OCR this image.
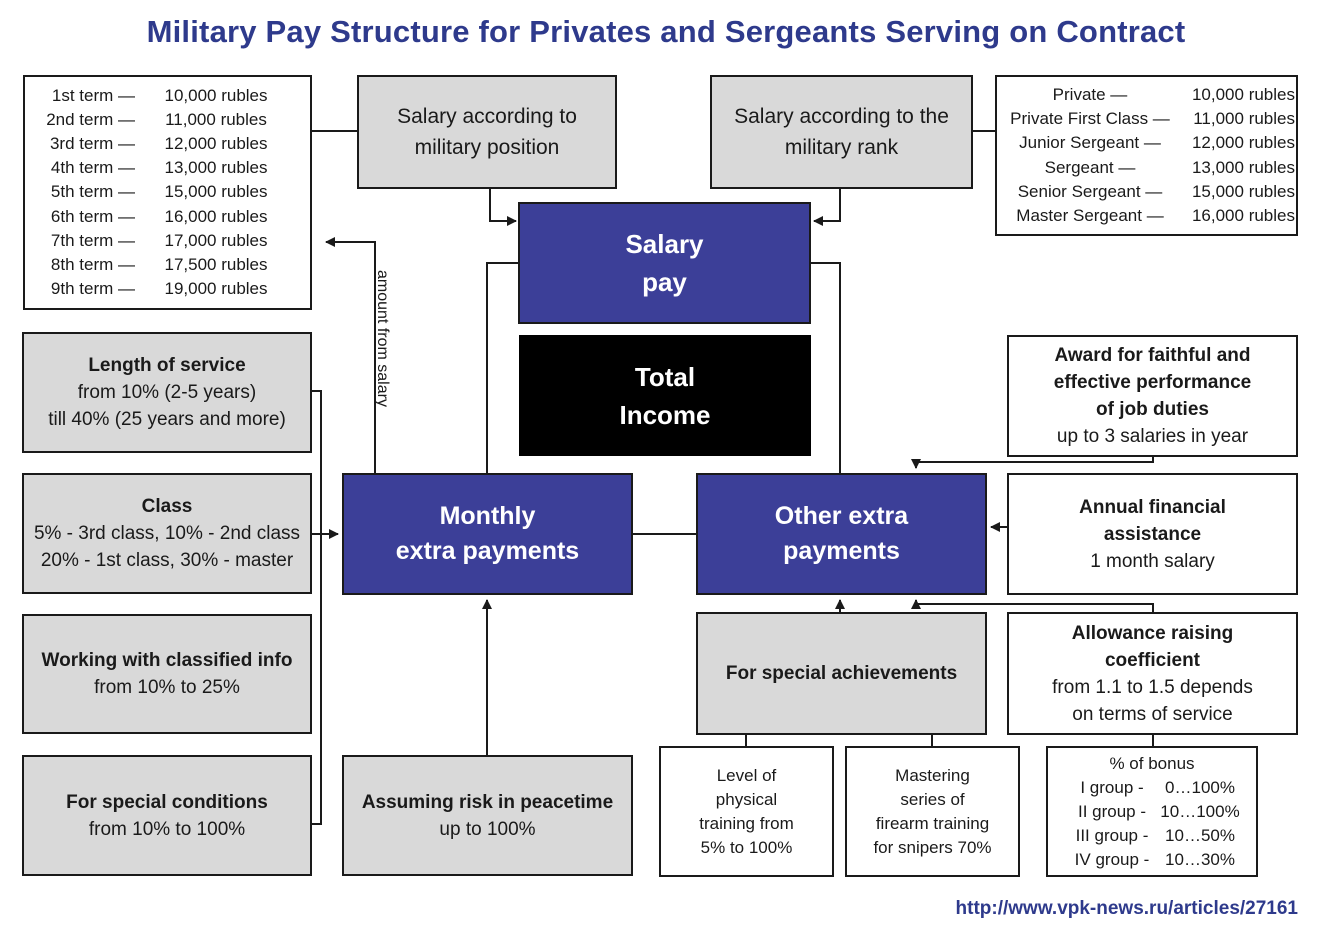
Military Pay Structure for Privates and Sergeants Serving on Contract
1st term —	10,000 rubles
2nd term —	11,000 rubles
3rd term —	12,000 rubles
4th term —	13,000 rubles
5th term —	15,000 rubles
6th term —	16,000 rubles
7th term —	17,000 rubles
8th term —	17,500 rubles
9th term —	19,000 rubles
Salary according to military position
Salary according to the military rank
Private —	10,000 rubles
Private First Class —	11,000 rubles
Junior Sergeant —	12,000 rubles
Sergeant —	13,000 rubles
Senior Sergeant —	15,000 rubles
Master Sergeant —	16,000 rubles
Salary
pay
Total
Income
amount from salary
Length of service
from 10% (2-5 years)
till 40% (25 years and more)
Class
5% - 3rd class, 10% - 2nd class
20% - 1st class, 30% - master
Working with classified info
from 10% to 25%
For special conditions
from 10% to 100%
Monthly
extra payments
Other extra
payments
Assuming risk in peacetime
up to 100%
Award for faithful and
effective performance
of job duties
up to 3 salaries in year
Annual financial
assistance
1 month salary
For special achievements
Allowance raising
coefficient
from 1.1 to 1.5 depends
on terms of service
Level of
physical
training from
5% to 100%
Mastering
series of
firearm training
for snipers 70%
% of bonus
I group -	0…100%
II group - 10…100%
III group - 10…50%
IV group - 10…30%
http://www.vpk-news.ru/articles/27161
